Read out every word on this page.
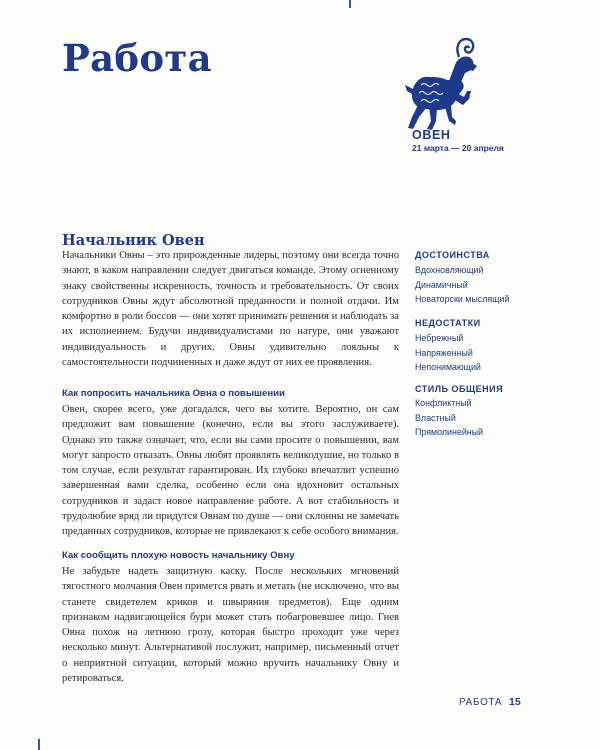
Работа
ОВЕН
21 марта — 20 апреля
Начальник Овен

Начальники Овны – это прирожденные лидеры, поэтому они всегда точно знают, в каком направлении следует двигаться команде. Этому огненному знаку свойственны искренность, точность и требовательность. От своих сотрудников Овны ждут абсолютной преданности и полной отдачи. Им комфортно в роли боссов — они хотят принимать решения и наблюдать за их исполнением. Будучи индивидуалистами по натуре, они уважают индивидуальность и других. Овны удивительно лояльны к самостоятельности подчиненных и даже ждут от них ее проявления.

Как попросить начальника Овна о повышении

Овен, скорее всего, уже догадался, чего вы хотите. Вероятно, он сам предложит вам повышение (конечно, если вы этого заслуживаете). Однако это также означает, что, если вы сами просите о повышении, вам могут запросто отказать. Овны любят проявлять великодушие, но только в том случае, если результат гарантирован. Их глубоко впечатлит успешно завершенная вами сделка, особенно если она вдохновит остальных сотрудников и задаст новое направление работе. А вот стабильность и трудолюбие вряд ли придутся Овнам по душе — они склонны не замечать преданных сотрудников, которые не привлекают к себе особого внимания.

Как сообщить плохую новость начальнику Овну

Не забудьте надеть защитную каску. После нескольких мгновений тягостного молчания Овен примется рвать и метать (не исключено, что вы станете свидетелем криков и швыряния предметов). Еще одним признаком надвигающейся бури может стать побагровевшее лицо. Гнев Овна похож на летнюю грозу, которая быстро проходит уже через несколько минут. Альтернативой послужит, например, письменный отчет о неприятной ситуации, который можно вручить начальнику Овну и ретироваться.

ДОСТОИНСТВА
Вдохновляющий
Динамичный
Новаторски мыслящий
НЕДОСТАТКИ
Небрежный
Напряженный
Непонимающий
СТИЛЬ ОБЩЕНИЯ
Конфликтный
Властный
Прямолинейный
РАБОТА 15
